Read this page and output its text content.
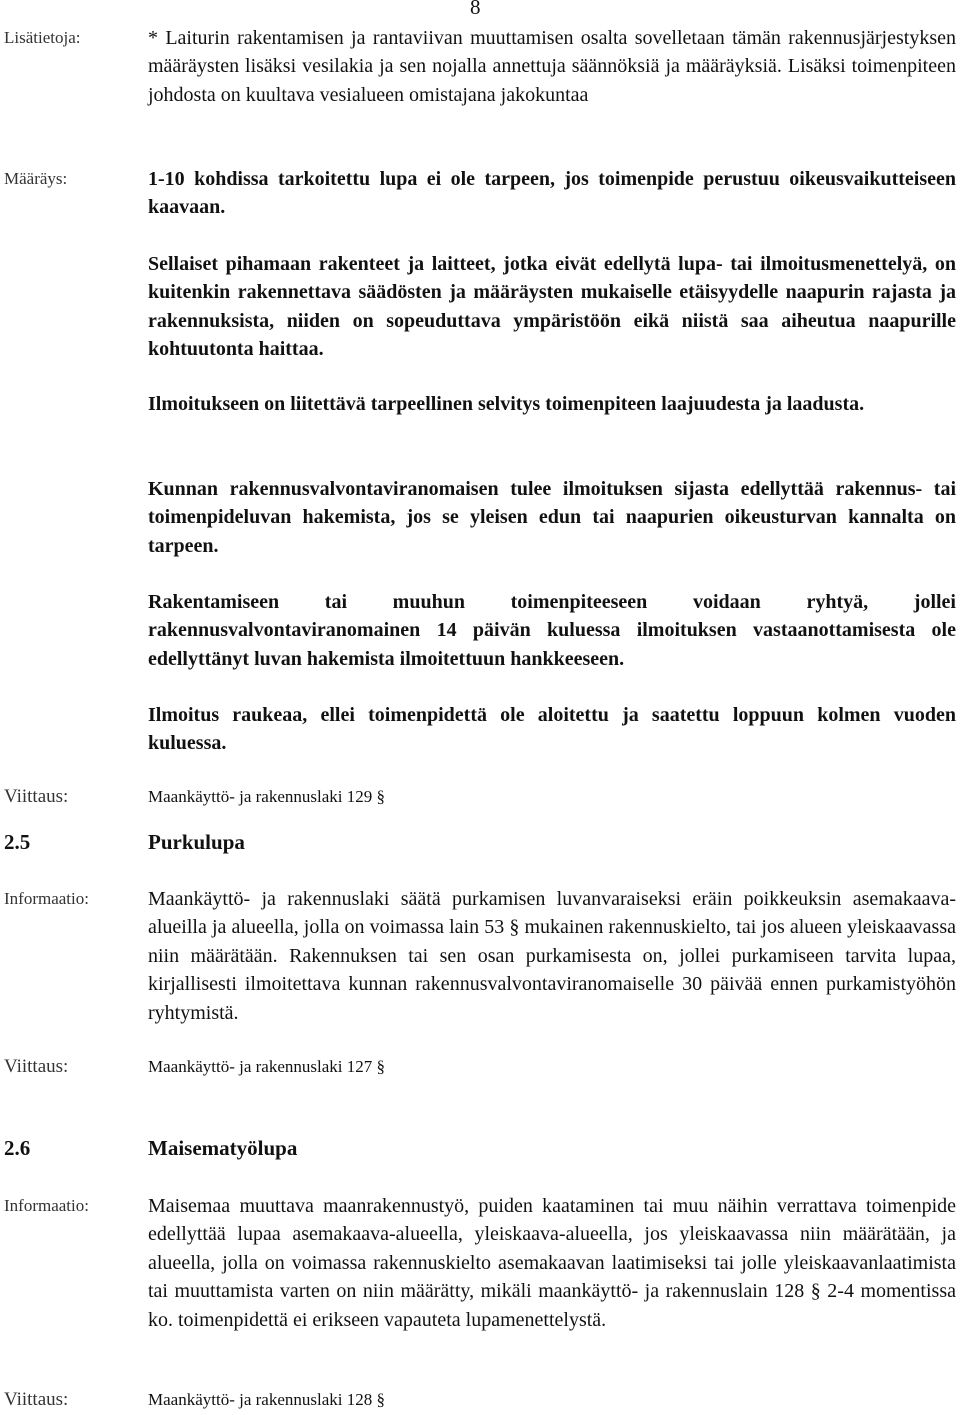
8
Lisätietoja:	* Laiturin rakentamisen ja rantaviivan muuttamisen osalta sovelletaan tämän rakennusjärjestyksen määräysten lisäksi vesilakia ja sen nojalla annettuja säännöksiä ja määräyksiä. Lisäksi toimenpiteen johdosta on kuultava vesialueen omistajana jakokuntaa
Määräys:	1-10 kohdissa tarkoitettu lupa ei ole tarpeen, jos toimenpide perustuu oikeusvaikutteiseen kaavaan.
Sellaiset pihamaan rakenteet ja laitteet, jotka eivät edellytä lupa- tai ilmoitusmenettelyä, on kuitenkin rakennettava säädösten ja määräysten mukaiselle etäisyydelle naapurin rajasta ja rakennuksista, niiden on sopeuduttava ympäristöön eikä niistä saa aiheutua naapurille kohtuutonta haittaa.
Ilmoitukseen on liitettävä tarpeellinen selvitys toimenpiteen laajuudesta ja laadusta.
Kunnan rakennusvalvontaviranomaisen tulee ilmoituksen sijasta edellyttää rakennus- tai toimenpideluvan hakemista, jos se yleisen edun tai naapurien oikeusturvan kannalta on tarpeen.
Rakentamiseen tai muuhun toimenpiteeseen voidaan ryhtyä, jollei rakennusvalvontaviranomainen 14 päivän kuluessa ilmoituksen vastaanottamisesta ole edellyttänyt luvan hakemista ilmoitettuun hankkeeseen.
Ilmoitus raukeaa, ellei toimenpidettä ole aloitettu ja saatettu loppuun kolmen vuoden kuluessa.
Viittaus:	Maankäyttö- ja rakennuslaki 129 §
2.5	Purkulupa
Informaatio:	Maankäyttö- ja rakennuslaki säätä purkamisen luvanvaraiseksi eräin poikkeuksin asemakaava-alueilla ja alueella, jolla on voimassa lain 53 § mukainen rakennuskielto, tai jos alueen yleiskaavassa niin määrätään. Rakennuksen tai sen osan purkamisesta on, jollei purkamiseen tarvita lupaa, kirjallisesti ilmoitettava kunnan rakennusvalvontaviranomaiselle 30 päivää ennen purkamistyöhön ryhtymistä.
Viittaus:	Maankäyttö- ja rakennuslaki 127 §
2.6	Maisematyölupa
Informaatio:	Maisemaa muuttava maanrakennustyö, puiden kaataminen tai muu näihin verrattava toimenpide edellyttää lupaa asemakaava-alueella, yleiskaava-alueella, jos yleiskaavassa niin määrätään, ja alueella, jolla on voimassa rakennuskielto asemakaavan laatimiseksi tai jolle yleiskaavanlaatimista tai muuttamista varten on niin määrätty, mikäli maankäyttö- ja rakennuslain 128 § 2-4 momentissa ko. toimenpidettä ei erikseen vapauteta lupamenettelystä.
Viittaus:	Maankäyttö- ja rakennuslaki 128 §
